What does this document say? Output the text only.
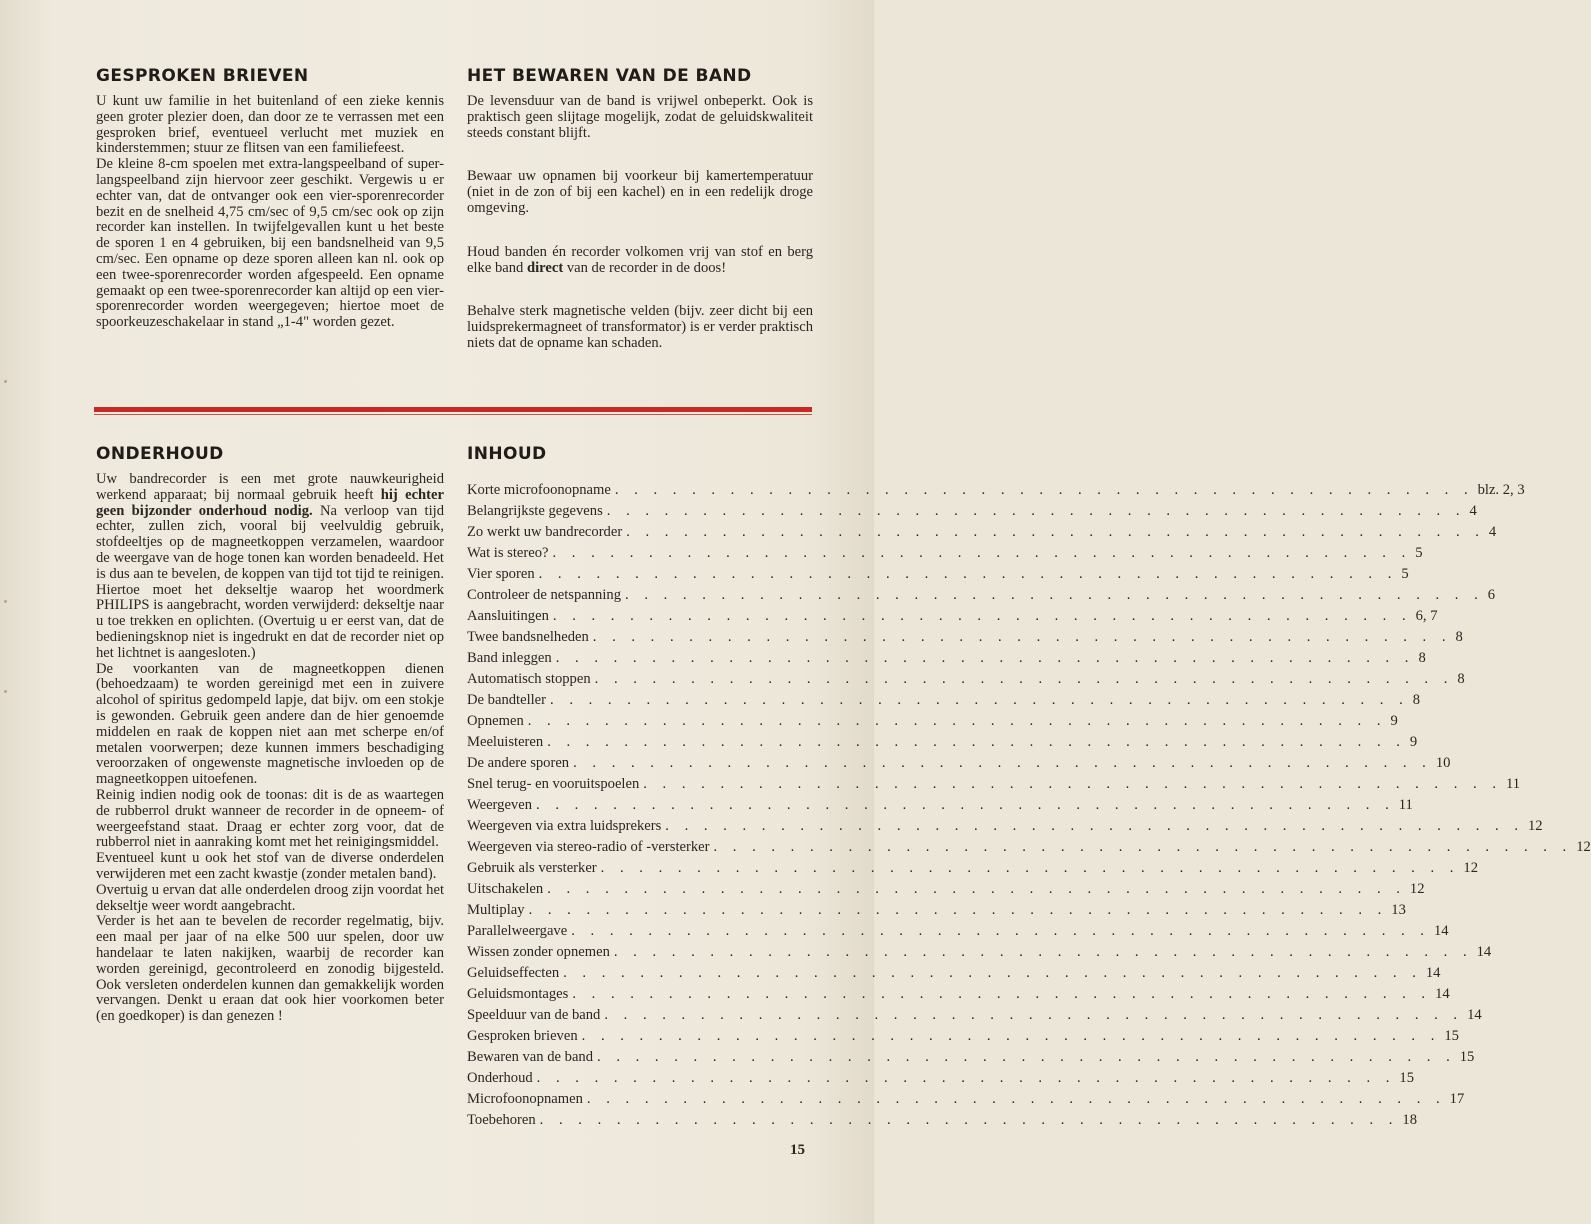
GESPROKEN BRIEVEN

U kunt uw familie in het buitenland of een zieke kennis geen groter plezier doen, dan door ze te verrassen met een gesproken brief, eventueel verlucht met muziek en kinderstemmen; stuur ze flitsen van een familiefeest.

De kleine 8-cm spoelen met extra-langspeelband of super-langspeelband zijn hiervoor zeer geschikt. Vergewis u er echter van, dat de ontvanger ook een vier-sporenrecorder bezit en de snelheid 4,75 cm/sec of 9,5 cm/sec ook op zijn recorder kan instellen. In twijfelgevallen kunt u het beste de sporen 1 en 4 gebruiken, bij een bandsnelheid van 9,5 cm/sec. Een opname op deze sporen alleen kan nl. ook op een twee-sporenrecorder worden afgespeeld. Een opname gemaakt op een twee-sporenrecorder kan altijd op een vier-sporenrecorder worden weergegeven; hiertoe moet de spoorkeuzeschakelaar in stand „1-4" worden gezet.

HET BEWAREN VAN DE BAND

De levensduur van de band is vrijwel onbeperkt. Ook is praktisch geen slijtage mogelijk, zodat de geluidskwaliteit steeds constant blijft.

Bewaar uw opnamen bij voorkeur bij kamertemperatuur (niet in de zon of bij een kachel) en in een redelijk droge omgeving.

Houd banden én recorder volkomen vrij van stof en berg elke band direct van de recorder in de doos!

Behalve sterk magnetische velden (bijv. zeer dicht bij een luidsprekermagneet of transformator) is er verder praktisch niets dat de opname kan schaden.

ONDERHOUD

Uw bandrecorder is een met grote nauwkeurigheid werkend apparaat; bij normaal gebruik heeft hij echter geen bijzonder onderhoud nodig. Na verloop van tijd echter, zullen zich, vooral bij veelvuldig gebruik, stofdeeltjes op de magneetkoppen verzamelen, waardoor de weergave van de hoge tonen kan worden benadeeld. Het is dus aan te bevelen, de koppen van tijd tot tijd te reinigen. Hiertoe moet het dekseltje waarop het woordmerk PHILIPS is aangebracht, worden verwijderd: dekseltje naar u toe trekken en oplichten. (Overtuig u er eerst van, dat de bedieningsknop niet is ingedrukt en dat de recorder niet op het lichtnet is aangesloten.)

De voorkanten van de magneetkoppen dienen (behoedzaam) te worden gereinigd met een in zuivere alcohol of spiritus gedompeld lapje, dat bijv. om een stokje is gewonden. Gebruik geen andere dan de hier genoemde middelen en raak de koppen niet aan met scherpe en/of metalen voorwerpen; deze kunnen immers beschadiging veroorzaken of ongewenste magnetische invloeden op de magneetkoppen uitoefenen.

Reinig indien nodig ook de toonas: dit is de as waartegen de rubberrol drukt wanneer de recorder in de opneem- of weergeefstand staat. Draag er echter zorg voor, dat de rubberrol niet in aanraking komt met het reinigingsmiddel.

Eventueel kunt u ook het stof van de diverse onderdelen verwijderen met een zacht kwastje (zonder metalen band).

Overtuig u ervan dat alle onderdelen droog zijn voordat het dekseltje weer wordt aangebracht.

Verder is het aan te bevelen de recorder regelmatig, bijv. een maal per jaar of na elke 500 uur spelen, door uw handelaar te laten nakijken, waarbij de recorder kan worden gereinigd, gecontroleerd en zonodig bijgesteld. Ook versleten onderdelen kunnen dan gemakkelijk worden vervangen. Denkt u eraan dat ook hier voorkomen beter (en goedkoper) is dan genezen !

INHOUD
Korte microfoonopname . . . . . . . . . . . . . . . . . . . . . . . . . . . . . . . . . . . . . . . . . . . . . blz. 2, 3
Belangrijkste gegevens . . . . . . . . . . . . . . . . . . . . . . . . . . . . . . . . . . . . . . . . . . . . . 4
Zo werkt uw bandrecorder . . . . . . . . . . . . . . . . . . . . . . . . . . . . . . . . . . . . . . . . . . . . . 4
Wat is stereo? . . . . . . . . . . . . . . . . . . . . . . . . . . . . . . . . . . . . . . . . . . . . . 5
Vier sporen . . . . . . . . . . . . . . . . . . . . . . . . . . . . . . . . . . . . . . . . . . . . . 5
Controleer de netspanning . . . . . . . . . . . . . . . . . . . . . . . . . . . . . . . . . . . . . . . . . . . . . 6
Aansluitingen . . . . . . . . . . . . . . . . . . . . . . . . . . . . . . . . . . . . . . . . . . . . . 6, 7
Twee bandsnelheden . . . . . . . . . . . . . . . . . . . . . . . . . . . . . . . . . . . . . . . . . . . . . 8
Band inleggen . . . . . . . . . . . . . . . . . . . . . . . . . . . . . . . . . . . . . . . . . . . . . 8
Automatisch stoppen . . . . . . . . . . . . . . . . . . . . . . . . . . . . . . . . . . . . . . . . . . . . . 8
De bandteller . . . . . . . . . . . . . . . . . . . . . . . . . . . . . . . . . . . . . . . . . . . . . 8
Opnemen . . . . . . . . . . . . . . . . . . . . . . . . . . . . . . . . . . . . . . . . . . . . . 9
Meeluisteren . . . . . . . . . . . . . . . . . . . . . . . . . . . . . . . . . . . . . . . . . . . . . 9
De andere sporen . . . . . . . . . . . . . . . . . . . . . . . . . . . . . . . . . . . . . . . . . . . . . 10
Snel terug- en vooruitspoelen . . . . . . . . . . . . . . . . . . . . . . . . . . . . . . . . . . . . . . . . . . . . . 11
Weergeven . . . . . . . . . . . . . . . . . . . . . . . . . . . . . . . . . . . . . . . . . . . . . 11
Weergeven via extra luidsprekers . . . . . . . . . . . . . . . . . . . . . . . . . . . . . . . . . . . . . . . . . . . . . 12
Weergeven via stereo-radio of -versterker . . . . . . . . . . . . . . . . . . . . . . . . . . . . . . . . . . . . . . . . . . . . . 12
Gebruik als versterker . . . . . . . . . . . . . . . . . . . . . . . . . . . . . . . . . . . . . . . . . . . . . 12
Uitschakelen . . . . . . . . . . . . . . . . . . . . . . . . . . . . . . . . . . . . . . . . . . . . . 12
Multiplay . . . . . . . . . . . . . . . . . . . . . . . . . . . . . . . . . . . . . . . . . . . . . 13
Parallelweergave . . . . . . . . . . . . . . . . . . . . . . . . . . . . . . . . . . . . . . . . . . . . . 14
Wissen zonder opnemen . . . . . . . . . . . . . . . . . . . . . . . . . . . . . . . . . . . . . . . . . . . . . 14
Geluidseffecten . . . . . . . . . . . . . . . . . . . . . . . . . . . . . . . . . . . . . . . . . . . . . 14
Geluidsmontages . . . . . . . . . . . . . . . . . . . . . . . . . . . . . . . . . . . . . . . . . . . . . 14
Speelduur van de band . . . . . . . . . . . . . . . . . . . . . . . . . . . . . . . . . . . . . . . . . . . . . 14
Gesproken brieven . . . . . . . . . . . . . . . . . . . . . . . . . . . . . . . . . . . . . . . . . . . . . 15
Bewaren van de band . . . . . . . . . . . . . . . . . . . . . . . . . . . . . . . . . . . . . . . . . . . . . 15
Onderhoud . . . . . . . . . . . . . . . . . . . . . . . . . . . . . . . . . . . . . . . . . . . . . 15
Microfoonopnamen . . . . . . . . . . . . . . . . . . . . . . . . . . . . . . . . . . . . . . . . . . . . . 17
Toebehoren . . . . . . . . . . . . . . . . . . . . . . . . . . . . . . . . . . . . . . . . . . . . . 18
15
